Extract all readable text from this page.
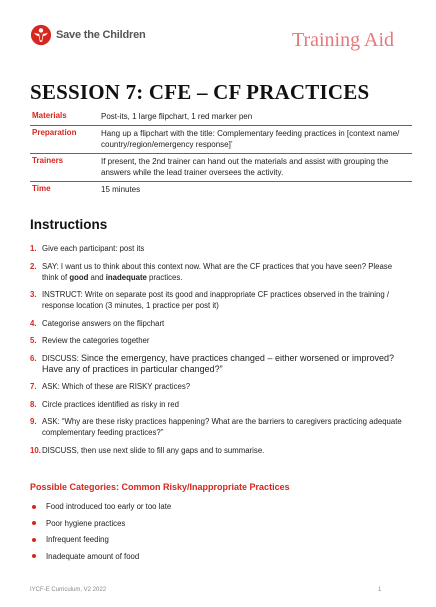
Save the Children	Training Aid
SESSION 7: CFE – CF PRACTICES
Materials	Post-its, 1 large flipchart, 1 red marker pen
Preparation	Hang up a flipchart with the title: Complementary feeding practices in [context name/ country/region/emergency response]’
Trainers	If present, the 2nd trainer can hand out the materials and assist with grouping the answers while the lead trainer oversees the activity.
Time	15 minutes
Instructions
1. Give each participant: post its
2. SAY: I want us to think about this context now. What are the CF practices that you have seen? Please think of good and inadequate practices.
3. INSTRUCT: Write on separate post its good and inappropriate CF practices observed in the training / response location (3 minutes, 1 practice per post it)
4. Categorise answers on the flipchart
5. Review the categories together
6. DISCUSS: Since the emergency, have practices changed – either worsened or improved? Have any of practices in particular changed?”
7. ASK: Which of these are RISKY practices?
8. Circle practices identified as risky in red
9. ASK: “Why are these risky practices happening? What are the barriers to caregivers practicing adequate complementary feeding practices?”
10. DISCUSS, then use next slide to fill any gaps and to summarise.
Possible Categories: Common Risky/Inappropriate Practices
Food introduced too early or too late
Poor hygiene practices
Infrequent feeding
Inadequate amount of food
IYCF-E Curriculum, V2 2022	1
